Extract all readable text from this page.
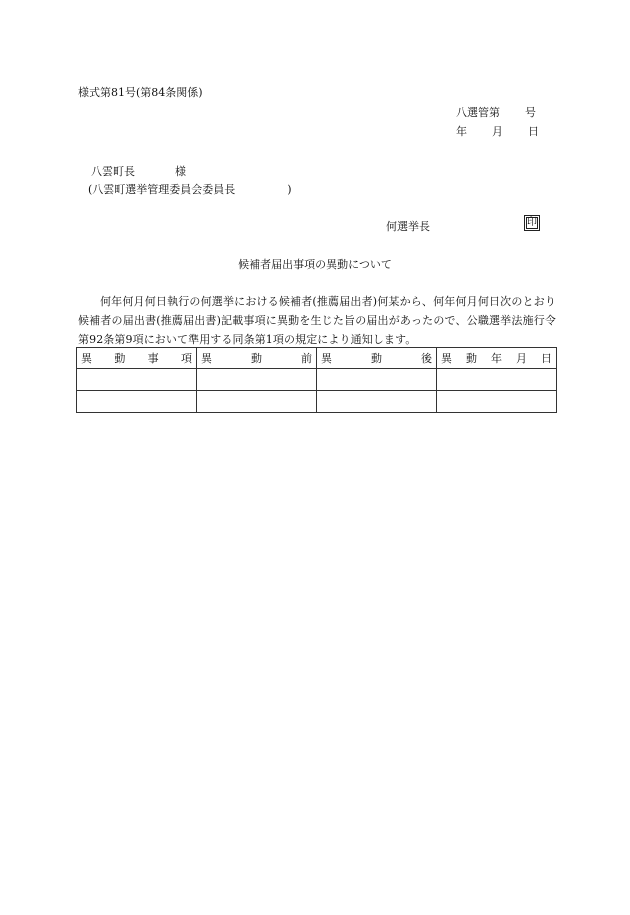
様式第81号(第84条関係)
八選管第 号
年 月 日
八雲町長	様
(八雲町選挙管理委員会委員長	)
何選挙長	印
候補者届出事項の異動について
何年何月何日執行の何選挙における候補者(推薦届出者)何某から、何年何月何日次のとおり候補者の届出書(推薦届出書)記載事項に異動を生じた旨の届出があったので、公職選挙法施行令第92条第9項において準用する同条第1項の規定により通知します。
異 動 事 項	異 動 前	異 動 後	異 動 年 月 日
